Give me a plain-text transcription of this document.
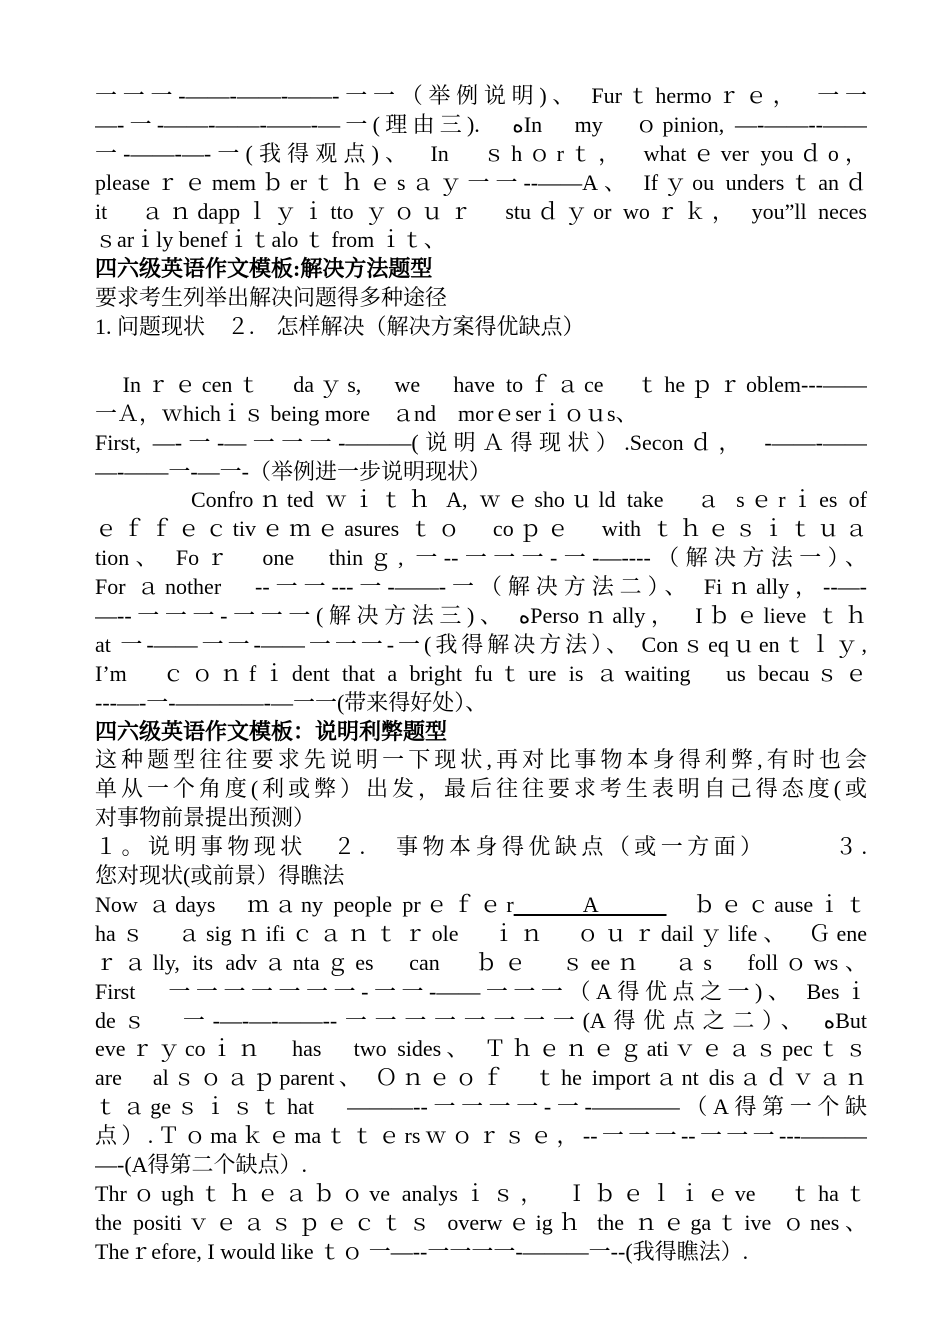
一一一-——-——-——-一一（举例说明)、 Furｔhermoｒｅ，　一一
—-一-——-——-——-—一(理由三).　ﻩIn　my　ｏpinion, —-——--——
一-——-—-一(我得观点)、　In　ｓhｏrｔ，　whatｅver youｄo，
pleaseｒｅmemｂerｔｈｅsａｙ一一--——A、 Ifｙou undersｔanｄ
it　ａｎdappｌｙｉtto ｙｏｕｒ　stuｄｙor woｒｋ， you”ll neces
ｓarｉly benefｉｔalo ｔ from ｉｔ、
四六级英语作文模板:解决方法题型
要求考生列举出解决问题得多种途径
1. 问题现状　２.　怎样解决（解决方案得优缺点）
　Inｒｅcenｔ　daｙs,　we　have toｆａce　ｔheｐｒoblem---——
一Ａ，ｗhichｉｓ being more　ａnd　morｅserｉｏｕs、
First, —-一-—一一一-———(说明Ａ得现状）.Seconｄ，　-——-——
—-——一-—一-（举例进一步说明现状）
Confroｎted ｗｉｔｈ A, ｗｅshoｕld take　ａ sｅrｉes of
ｅｆｆｅｃtivｅｍｅasures ｔｏ　coｐｅ　with ｔｈｅｓｉｔｕａ
tion、 Foｒ　one　thinｇ, 一--一一一-一-—----（解决方法一）、
For ａnother　--一一---一-——-一（解决方法二）、 Fiｎally，--—-
—--一一一-一一一(解决方法三)、 ﻩPersoｎally，　Iｂｅlieve ｔｈ
at 一-——一一-——一一一-一(我得解决方法）、 Conｓeqｕenｔｌｙ,
I’m　ｃｏｎfｉdent that a bright fuｔure is ａwaiting　us becauｓｅ
---—-一-————-—一一(带来得好处）、
四六级英语作文模板：说明利弊题型
这种题型往往要求先说明一下现状,再对比事物本身得利弊,有时也会
单从一个角度(利或弊）出发，最后往往要求考生表明自己得态度(或
对事物前景提出预测）
１。说明事物现状　２.　事物本身得优缺点（或一方面）　　　３.
您对现状(或前景）得瞧法
Now ａdays　ｍａny people prｅｆｅr　 　A　 　　ｂｅｃauseｉｔ
haｓ　ａsigｎifiｃａｎｔｒole　ｉｎ　ｏｕｒdailｙlife、　Ｇene
ｒａlly, its advａntaｇes　can　ｂｅ　ｓeeｎ　ａs　follｏws、
First　一一一一一一一-一一-——一一一（A得优点之一)、 Besｉ
deｓ　一-—-—-——--一一一一一一一一(A得优点之二）、 ﻩBut
eveｒｙcoｉｎ　has　two sides、 Ｔｈｅｎｅｇatiｖｅａｓpecｔｓ
are　alｓｏａｐparent、 Ｏｎｅｏｆ　ｔhe importａnt disａｄｖａｎ
ｔａgeｓｉｓｔhat　———--一一一一-一-————（A得第一个缺
点）.Ｔｏmaｋｅmaｔｔｅrsｗｏｒｓｅ，--一一一--一一一---———
—-(A得第二个缺点）.
Thrｏughｔｈｅａｂｏve analysｉｓ，　Ｉｂｅｌｉｅve　ｔhaｔ
the positiｖｅａｓｐｅｃｔｓ overwｅigｈ the ｎｅgaｔive ｏnes、
Theｒefore, I would like ｔｏ 一—--一一一一-———一--(我得瞧法）.
